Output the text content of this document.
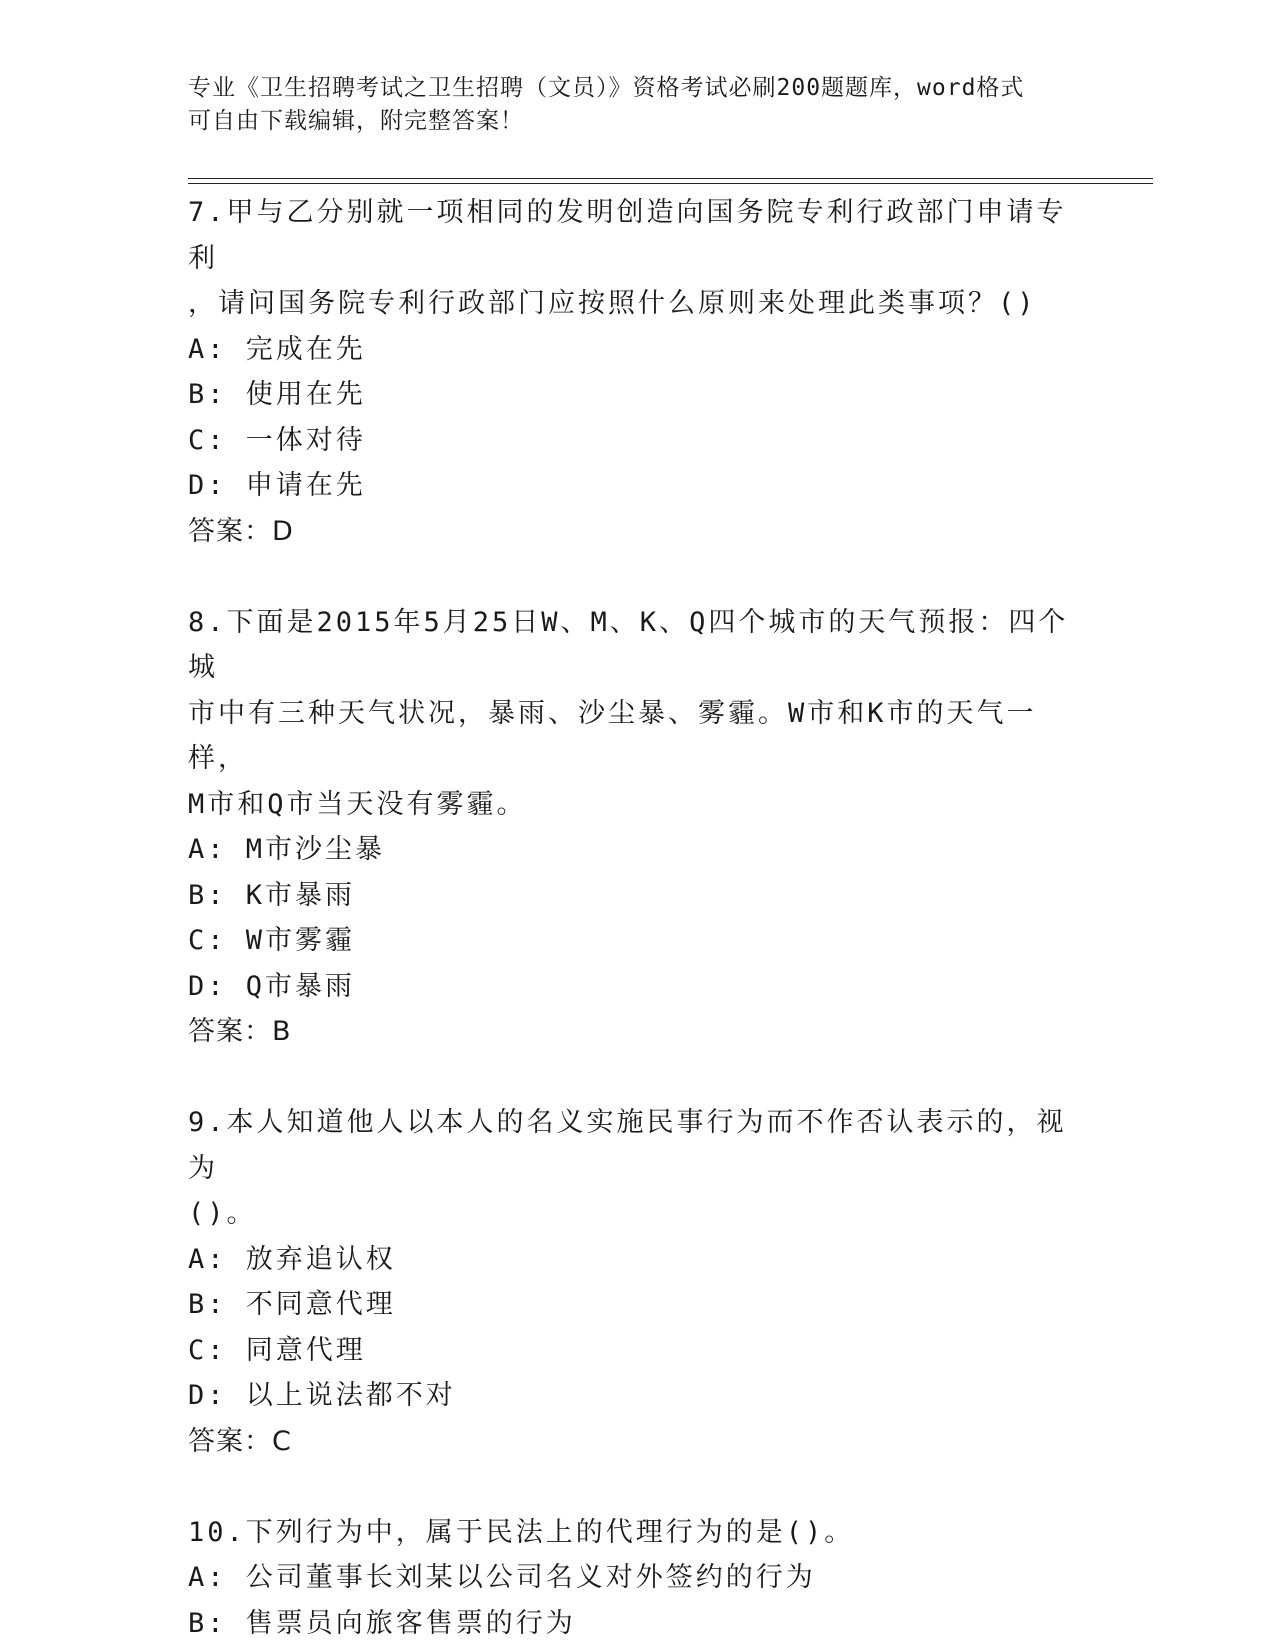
专业《卫生招聘考试之卫生招聘（文员）》资格考试必刷200题题库，word格式
可自由下载编辑，附完整答案！
7.甲与乙分别就一项相同的发明创造向国务院专利行政部门申请专利
，请问国务院专利行政部门应按照什么原则来处理此类事项？()
A: 完成在先
B: 使用在先
C: 一体对待
D: 申请在先
答案：D
8.下面是2015年5月25日W、M、K、Q四个城市的天气预报：四个城
市中有三种天气状况，暴雨、沙尘暴、雾霾。W市和K市的天气一样，
M市和Q市当天没有雾霾。
A: M市沙尘暴
B: K市暴雨
C: W市雾霾
D: Q市暴雨
答案：B
9.本人知道他人以本人的名义实施民事行为而不作否认表示的，视为
()。
A: 放弃追认权
B: 不同意代理
C: 同意代理
D: 以上说法都不对
答案：C
10.下列行为中，属于民法上的代理行为的是()。
A: 公司董事长刘某以公司名义对外签约的行为
B: 售票员向旅客售票的行为
